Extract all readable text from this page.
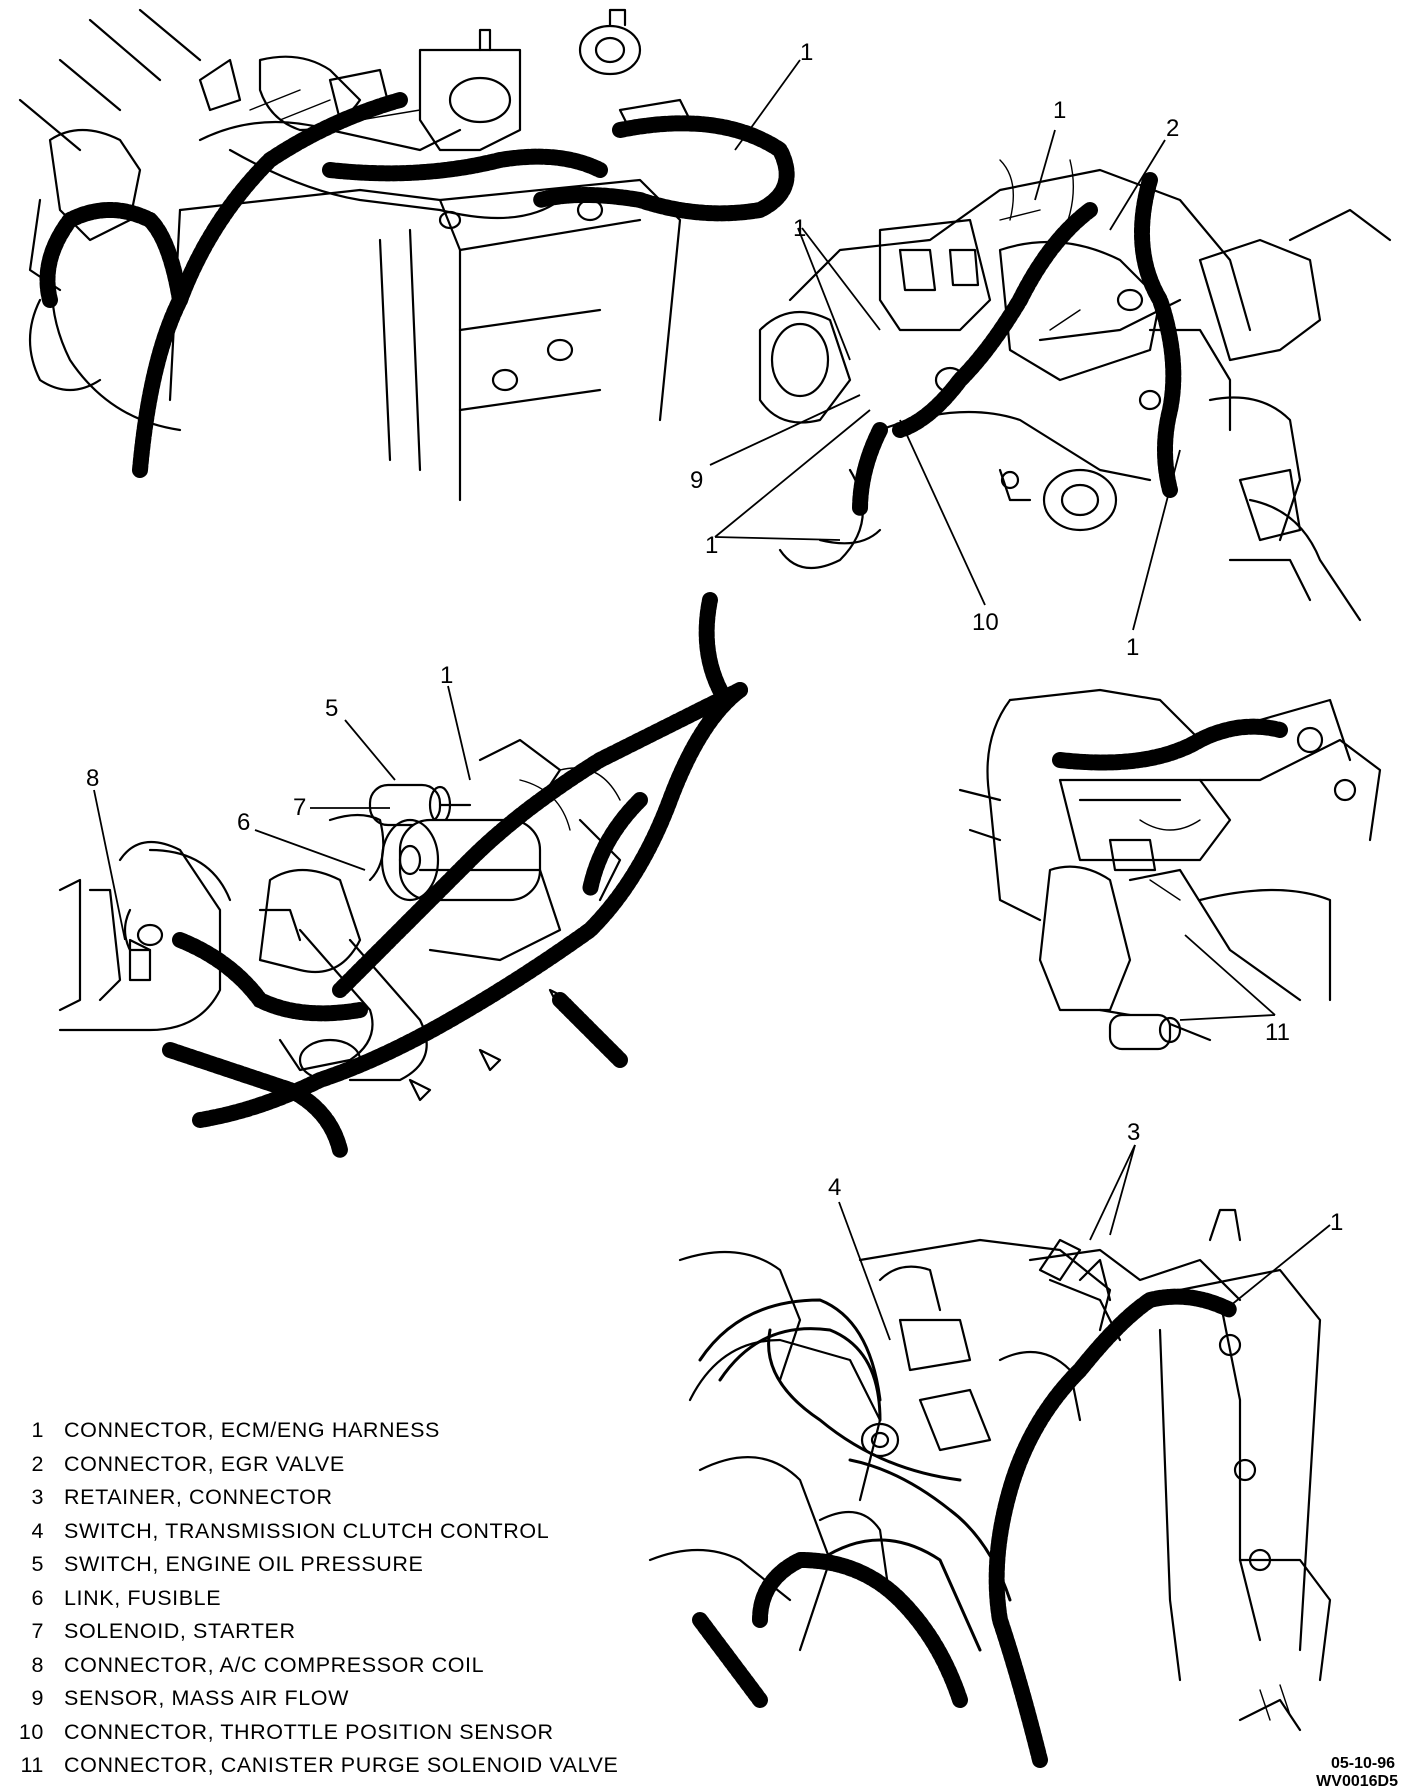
1
1
2
1
9
1
10
1
5
1
8
7
6
11
3
4
1
05-10-96
WV0016D5
1 CONNECTOR, ECM/ENG HARNESS
2 CONNECTOR, EGR VALVE
3 RETAINER, CONNECTOR
4 SWITCH, TRANSMISSION CLUTCH CONTROL
5 SWITCH, ENGINE OIL PRESSURE
6 LINK, FUSIBLE
7 SOLENOID, STARTER
8 CONNECTOR, A/C COMPRESSOR COIL
9 SENSOR, MASS AIR FLOW
10 CONNECTOR, THROTTLE POSITION SENSOR
11 CONNECTOR, CANISTER PURGE SOLENOID VALVE
